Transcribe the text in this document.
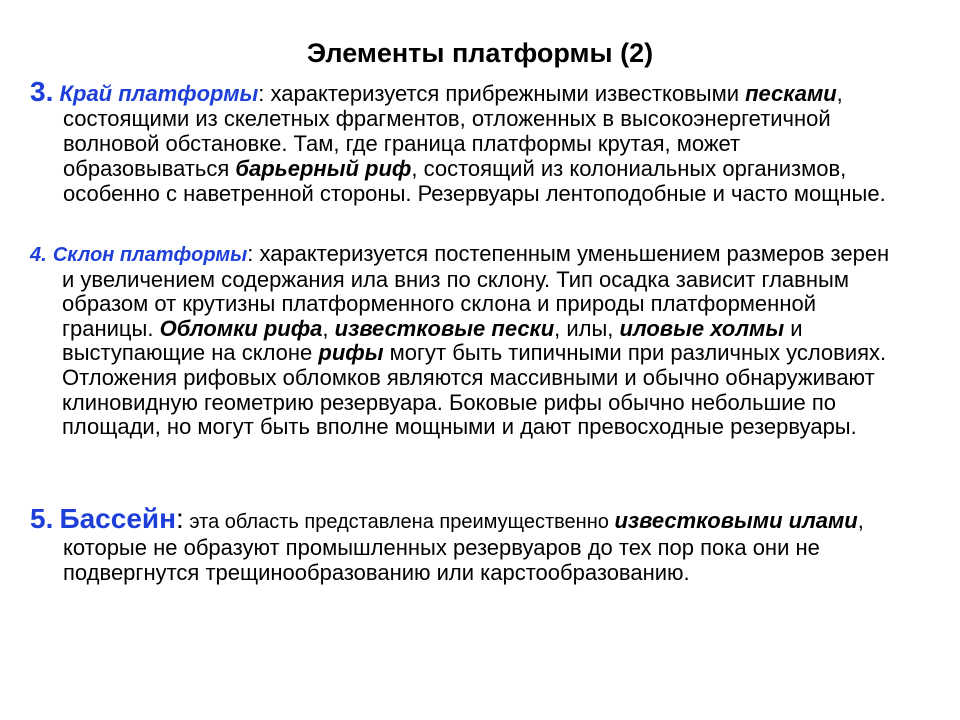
Элементы платформы (2)

3. Край платформы: характеризуется прибрежными известковыми песками, состоящими из скелетных фрагментов, отложенных в высокоэнергетичной волновой обстановке. Там, где граница платформы крутая, может образовываться барьерный риф, состоящий из колониальных организмов, особенно с наветренной стороны. Резервуары лентоподобные и часто мощные.

4. Склон платформы: характеризуется постепенным уменьшением размеров зерен и увеличением содержания ила вниз по склону. Тип осадка зависит главным образом от крутизны платформенного склона и природы платформенной границы. Обломки рифа, известковые пески, илы, иловые холмы и выступающие на склоне рифы могут быть типичными при различных условиях. Отложения рифовых обломков являются массивными и обычно обнаруживают клиновидную геометрию резервуара. Боковые рифы обычно небольшие по площади, но могут быть вполне мощными и дают превосходные резервуары.

5. Бассейн: эта область представлена преимущественно известковыми илами, которые не образуют промышленных резервуаров до тех пор пока они не подвергнутся трещинообразованию или карстообразованию.
